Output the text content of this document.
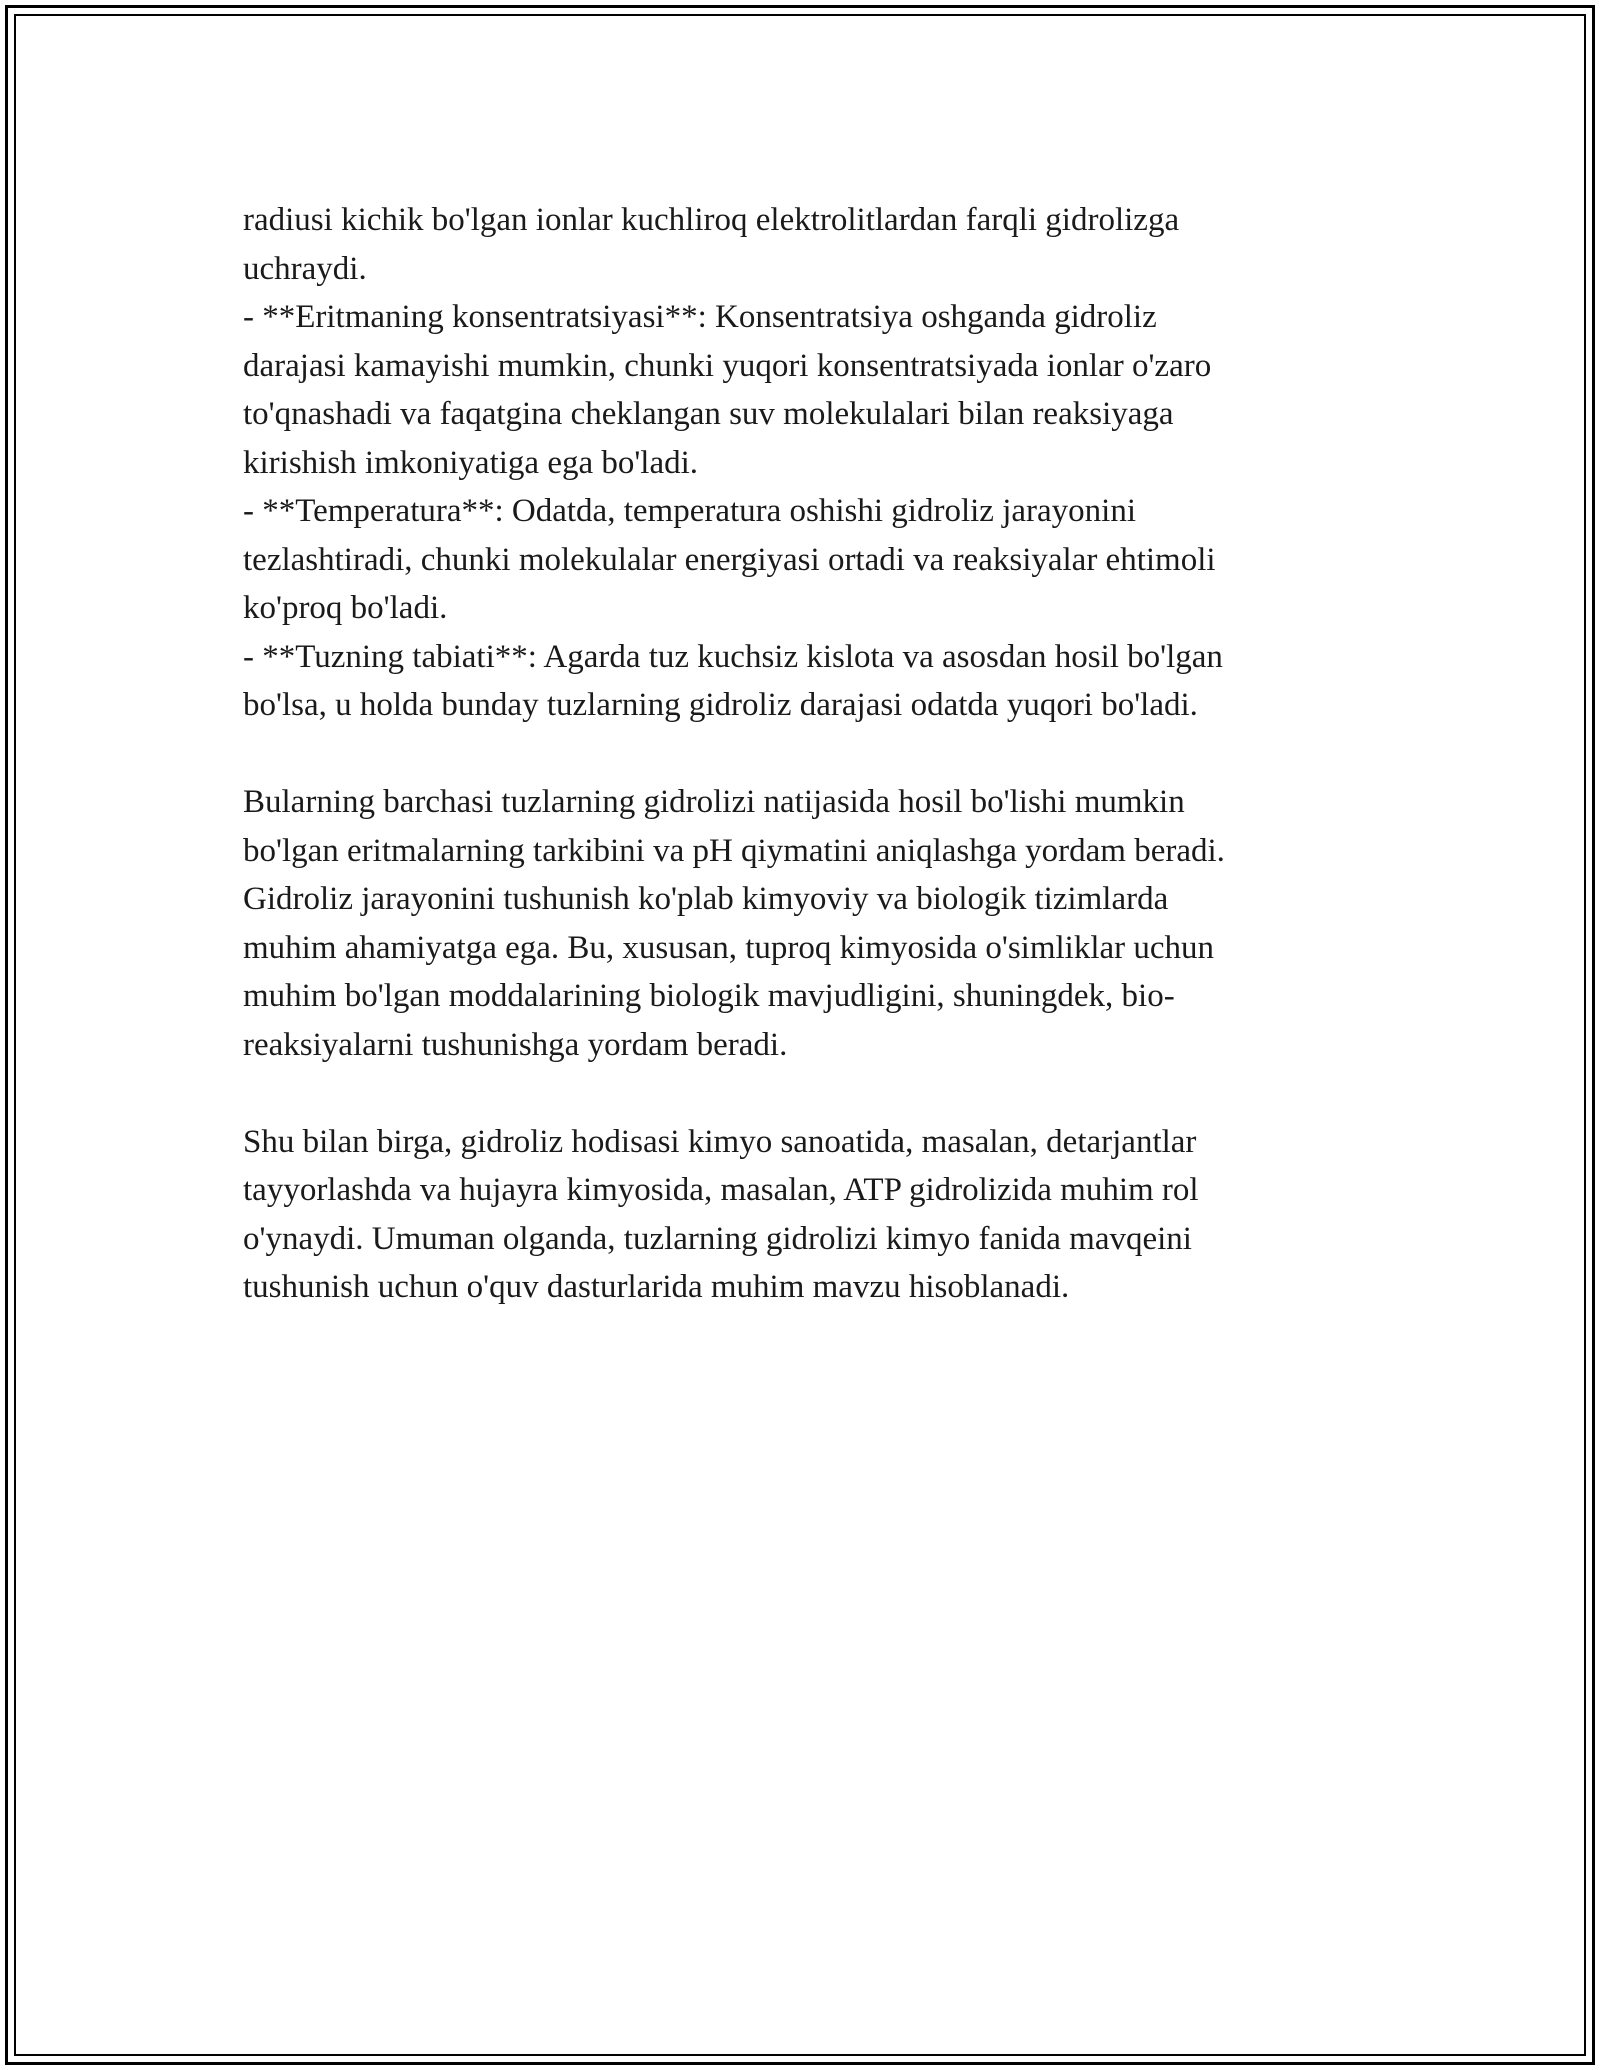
radiusi kichik bo'lgan ionlar kuchliroq elektrolitlardan farqli gidrolizga
uchraydi.
- **Eritmaning konsentratsiyasi**: Konsentratsiya oshganda gidroliz
darajasi kamayishi mumkin, chunki yuqori konsentratsiyada ionlar o'zaro
to'qnashadi va faqatgina cheklangan suv molekulalari bilan reaksiyaga
kirishish imkoniyatiga ega bo'ladi.
- **Temperatura**: Odatda, temperatura oshishi gidroliz jarayonini
tezlashtiradi, chunki molekulalar energiyasi ortadi va reaksiyalar ehtimoli
ko'proq bo'ladi.
- **Tuzning tabiati**: Agarda tuz kuchsiz kislota va asosdan hosil bo'lgan
bo'lsa, u holda bunday tuzlarning gidroliz darajasi odatda yuqori bo'ladi.
Bularning barchasi tuzlarning gidrolizi natijasida hosil bo'lishi mumkin
bo'lgan eritmalarning tarkibini va pH qiymatini aniqlashga yordam beradi.
Gidroliz jarayonini tushunish ko'plab kimyoviy va biologik tizimlarda
muhim ahamiyatga ega. Bu, xususan, tuproq kimyosida o'simliklar uchun
muhim bo'lgan moddalarining biologik mavjudligini, shuningdek, bio-
reaksiyalarni tushunishga yordam beradi.
Shu bilan birga, gidroliz hodisasi kimyo sanoatida, masalan, detarjantlar
tayyorlashda va hujayra kimyosida, masalan, ATP gidrolizida muhim rol
o'ynaydi. Umuman olganda, tuzlarning gidrolizi kimyo fanida mavqeini
tushunish uchun o'quv dasturlarida muhim mavzu hisoblanadi.
